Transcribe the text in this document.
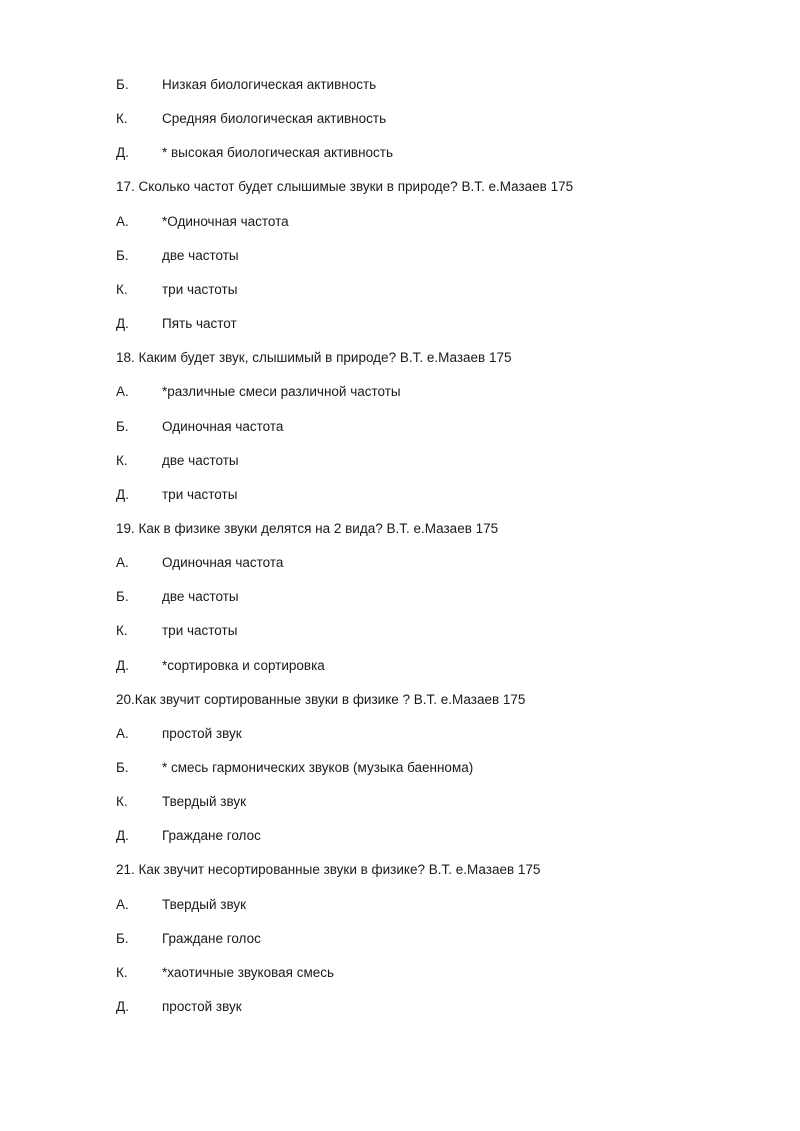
Б.Низкая биологическая активность
К.	Средняя биологическая активность
Д. * высокая биологическая активность
17. Сколько частот будет слышимые звуки в природе? В.Т. е.Мазаев 175
А. *Одиночная частота
Б. две частоты
К.	три частоты
Д.Пять частот
18. Каким будет звук, слышимый в природе? В.Т. е.Мазаев 175
А. *различные смеси различной частоты
Б. Одиночная частота
К.	две частоты
Д. три частоты
19. Как в физике звуки делятся на 2 вида? В.Т. е.Мазаев 175
А. Одиночная частота
Б. две частоты
К.	три частоты
Д. *сортировка и сортировка
20.Как звучит сортированные звуки в физике ? В.Т. е.Мазаев 175
А. простой звук
Б. * смесь гармонических звуков (музыка баеннома)
К.	Твердый звук
Д. Граждане голос
21. Как звучит несортированные звуки в физике? В.Т. е.Мазаев 175
А. Твердый звук
Б. Граждане голос
К.	*хаотичные звуковая смесь
Д. простой звук
